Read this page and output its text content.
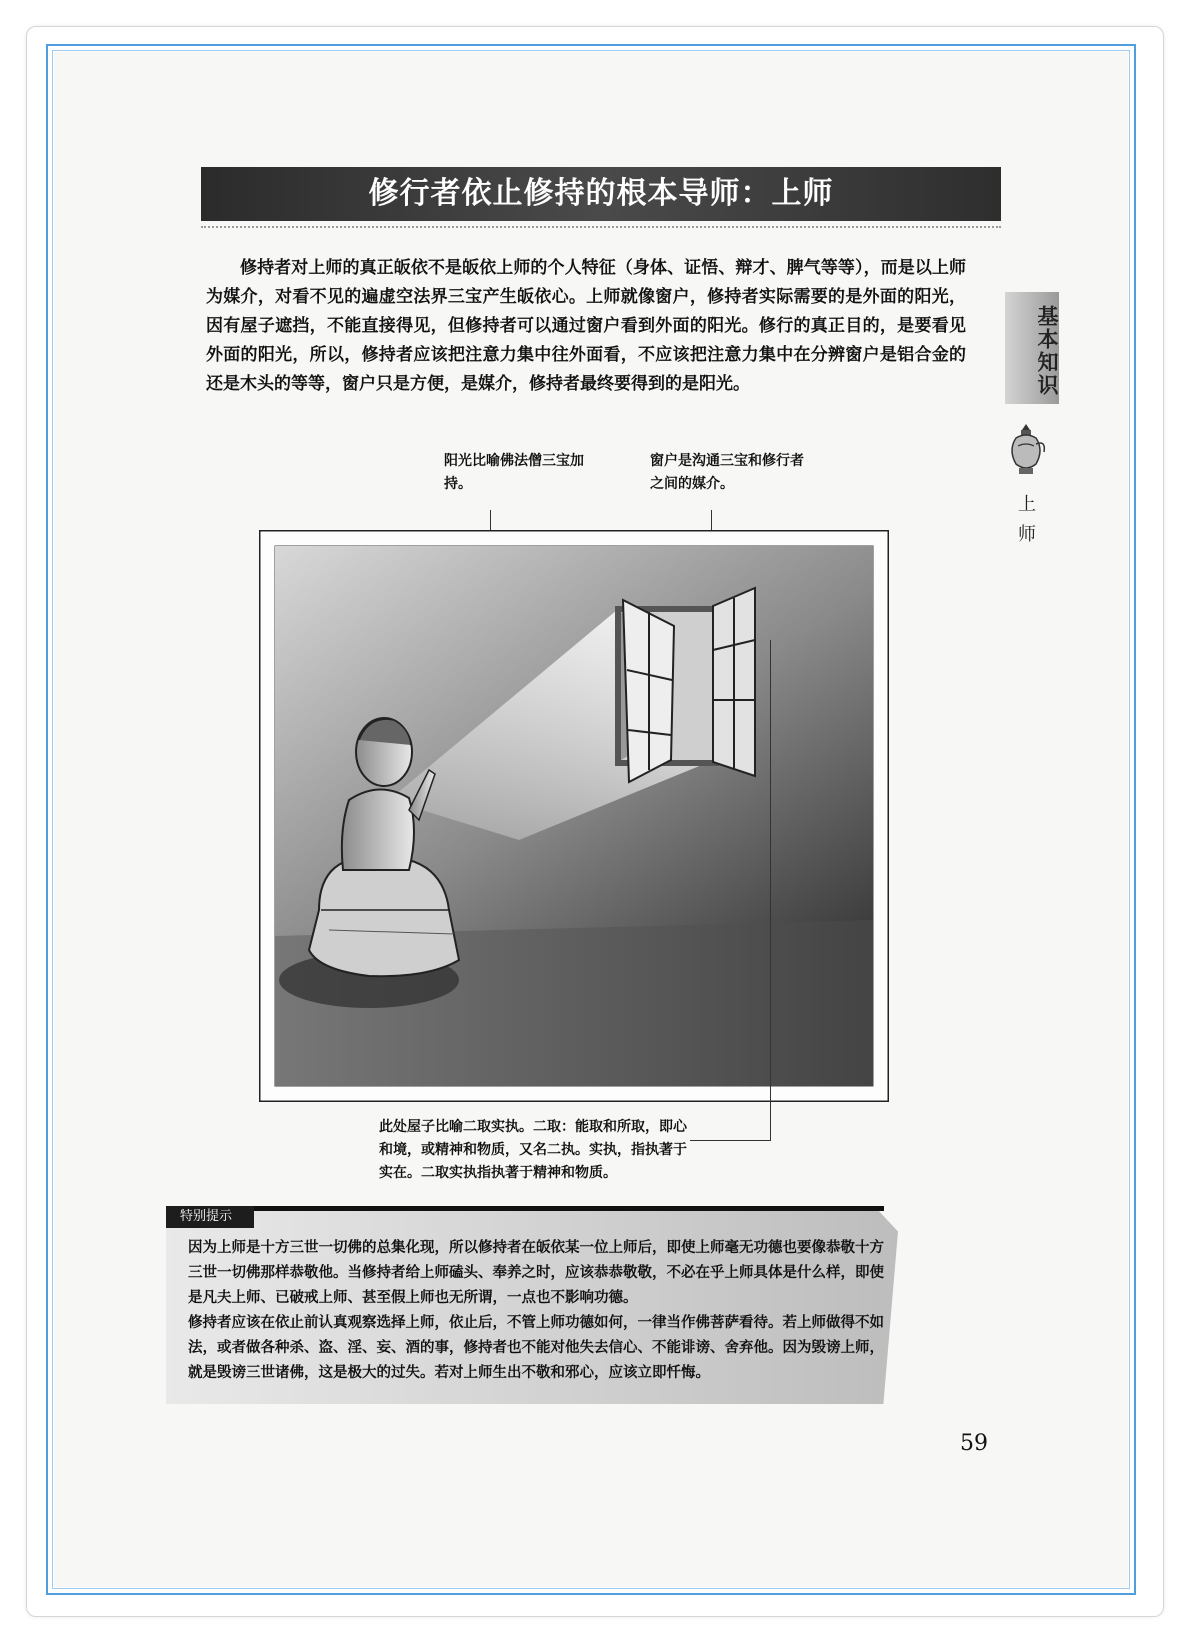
修行者依止修持的根本导师：上师

修持者对上师的真正皈依不是皈依上师的个人特征（身体、证悟、辩才、脾气等等），而是以上师为媒介，对看不见的遍虚空法界三宝产生皈依心。上师就像窗户，修持者实际需要的是外面的阳光，因有屋子遮挡，不能直接得见，但修持者可以通过窗户看到外面的阳光。修行的真正目的，是要看见外面的阳光，所以，修持者应该把注意力集中往外面看，不应该把注意力集中在分辨窗户是铝合金的还是木头的等等，窗户只是方便，是媒介，修持者最终要得到的是阳光。	基本知识
上师

阳光比喻佛法僧三宝加持。

窗户是沟通三宝和修行者之间的媒介。

此处屋子比喻二取实执。二取：能取和所取，即心和境，或精神和物质，又名二执。实执，指执著于实在。二取实执指执著于精神和物质。

特别提示
因为上师是十方三世一切佛的总集化现，所以修持者在皈依某一位上师后，即使上师毫无功德也要像恭敬十方三世一切佛那样恭敬他。当修持者给上师磕头、奉养之时，应该恭恭敬敬，不必在乎上师具体是什么样，即使是凡夫上师、已破戒上师、甚至假上师也无所谓，一点也不影响功德。
修持者应该在依止前认真观察选择上师，依止后，不管上师功德如何，一律当作佛菩萨看待。若上师做得不如法，或者做各种杀、盗、淫、妄、酒的事，修持者也不能对他失去信心、不能诽谤、舍弃他。因为毁谤上师，就是毁谤三世诸佛，这是极大的过失。若对上师生出不敬和邪心，应该立即忏悔。
59
